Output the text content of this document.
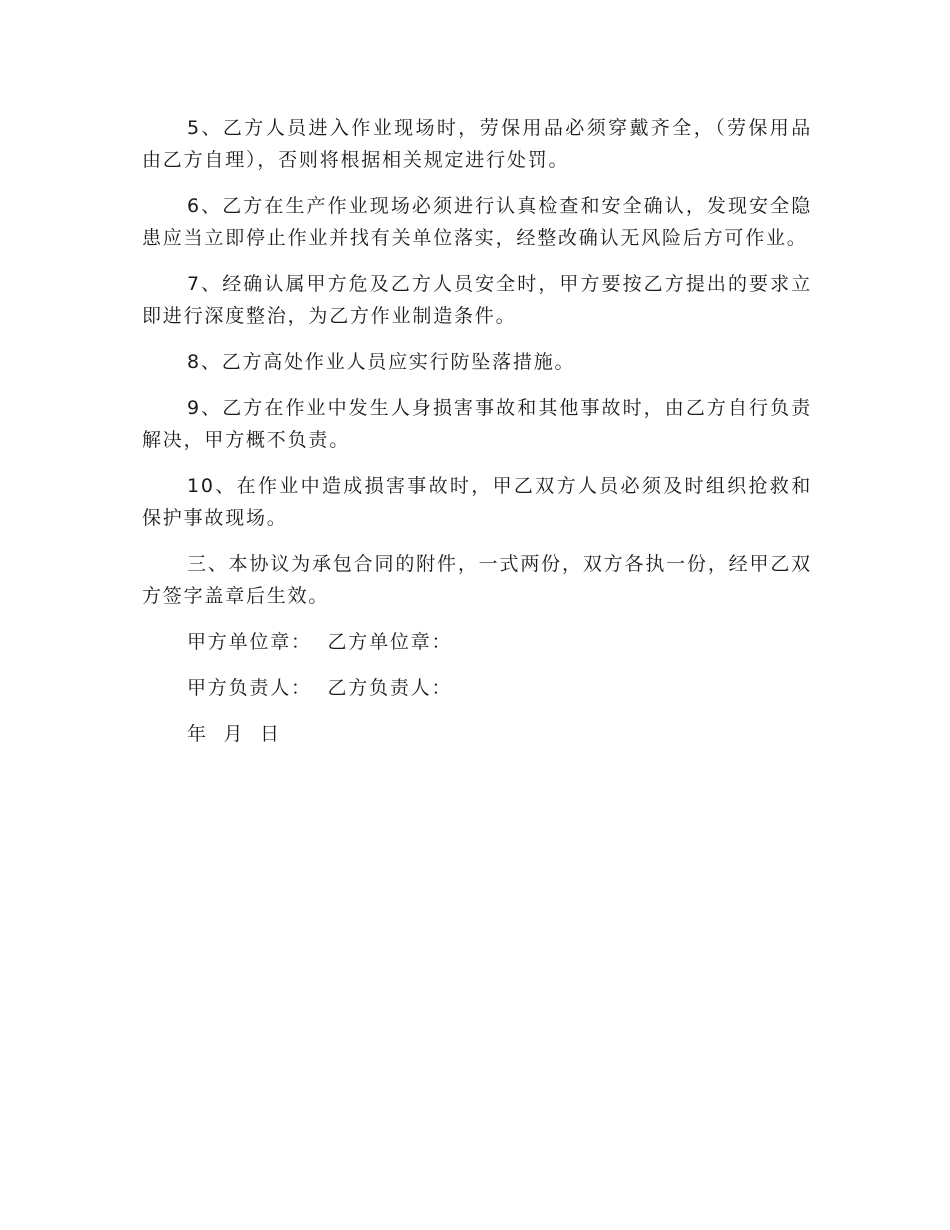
5、乙方人员进入作业现场时，劳保用品必须穿戴齐全，（劳保用品由乙方自理），否则将根据相关规定进行处罚。

6、乙方在生产作业现场必须进行认真检查和安全确认，发现安全隐患应当立即停止作业并找有关单位落实，经整改确认无风险后方可作业。

7、经确认属甲方危及乙方人员安全时，甲方要按乙方提出的要求立即进行深度整治，为乙方作业制造条件。

8、乙方高处作业人员应实行防坠落措施。

9、乙方在作业中发生人身损害事故和其他事故时，由乙方自行负责解决，甲方概不负责。

10、在作业中造成损害事故时，甲乙双方人员必须及时组织抢救和保护事故现场。

三、本协议为承包合同的附件，一式两份，双方各执一份，经甲乙双方签字盖章后生效。

甲方单位章：  乙方单位章：

甲方负责人：  乙方负责人：

年  月  日
